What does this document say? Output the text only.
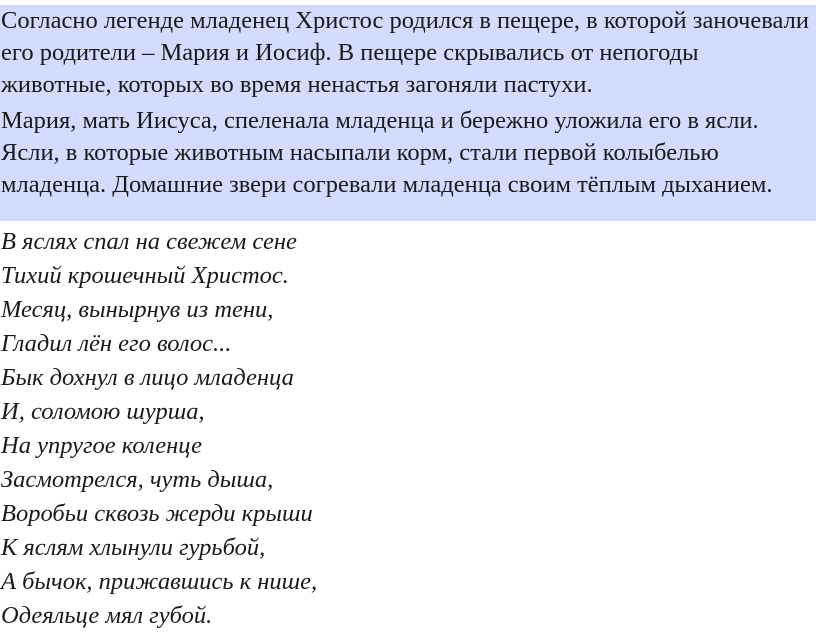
Согласно легенде младенец Христос родился в пещере, в которой заночевали его родители – Мария и Иосиф. В пещере скрывались от непогоды животные, которых во время ненастья загоняли пастухи.

Мария, мать Иисуса, спеленала младенца и бережно уложила его в ясли. Ясли, в которые животным насыпали корм, стали первой колыбелью младенца. Домашние звери согревали младенца своим тёплым дыханием.

В яслях спал на свежем сене
Тихий крошечный Христос.
Месяц, вынырнув из тени,
Гладил лён его волос...
Бык дохнул в лицо младенца
И, соломою шурша,
На упругое коленце
Засмотрелся, чуть дыша,
Воробьи сквозь жерди крыши
К яслям хлынули гурьбой,
А бычок, прижавшись к нише,
Одеяльце мял губой.
